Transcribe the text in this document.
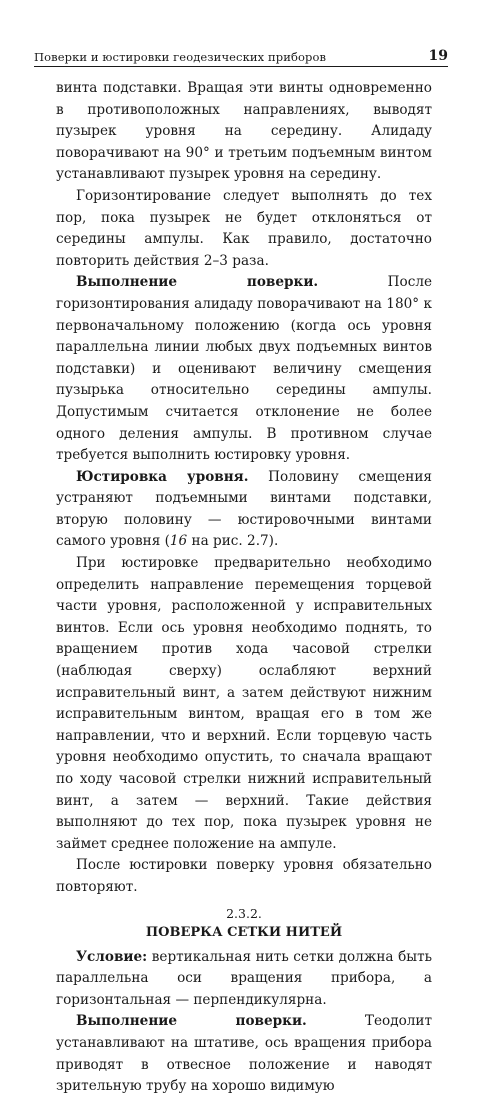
Поверки и юстировки геодезических приборов	19

винта подставки. Вращая эти винты одновременно в противоположных направлениях, выводят пузырек уровня на середину. Алидаду поворачивают на 90° и третьим подъемным винтом устанавливают пузырек уровня на середину.

Горизонтирование следует выполнять до тех пор, пока пузырек не будет отклоняться от середины ампулы. Как правило, достаточно повторить действия 2–3 раза.

Выполнение поверки. После горизонтирования алидаду поворачивают на 180° к первоначальному положению (когда ось уровня параллельна линии любых двух подъемных винтов подставки) и оценивают величину смещения пузырька относительно середины ампулы. Допустимым считается отклонение не более одного деления ампулы. В противном случае требуется выполнить юстировку уровня.

Юстировка уровня. Половину смещения устраняют подъемными винтами подставки, вторую половину — юстировочными винтами самого уровня (16 на рис. 2.7).

При юстировке предварительно необходимо определить направление перемещения торцевой части уровня, расположенной у исправительных винтов. Если ось уровня необходимо поднять, то вращением против хода часовой стрелки (наблюдая сверху) ослабляют верхний исправительный винт, а затем действуют нижним исправительным винтом, вращая его в том же направлении, что и верхний. Если торцевую часть уровня необходимо опустить, то сначала вращают по ходу часовой стрелки нижний исправительный винт, а затем — верхний. Такие действия выполняют до тех пор, пока пузырек уровня не займет среднее положение на ампуле.

После юстировки поверку уровня обязательно повторяют.

2.3.2.
ПОВЕРКА СЕТКИ НИТЕЙ

Условие: вертикальная нить сетки должна быть параллельна оси вращения прибора, а горизонтальная — перпендикулярна.

Выполнение поверки. Теодолит устанавливают на штативе, ось вращения прибора приводят в отвесное положение и наводят зрительную трубу на хорошо видимую
